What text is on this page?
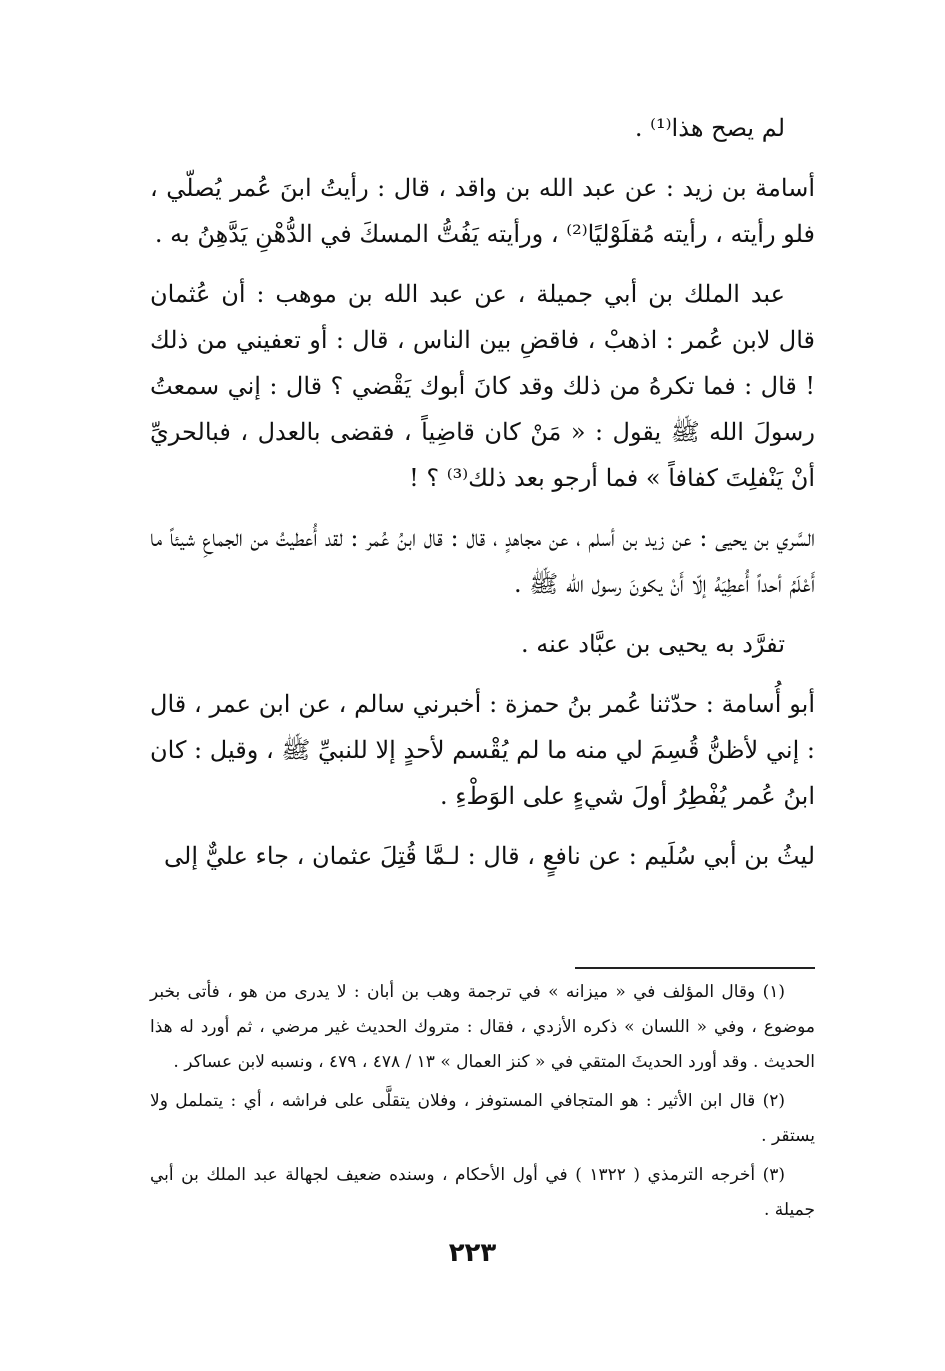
لم يصح هذا⁽¹⁾ .

أسامة بن زيد : عن عبد الله بن واقد ، قال : رأيتُ ابنَ عُمر يُصلّي ، فلو رأيته ، رأيته مُقلَوْليًا⁽²⁾ ، ورأيته يَفُتُّ المسكَ في الدُّهْنِ يَدَّهِنُ به .

عبد الملك بن أبي جميلة ، عن عبد الله بن موهب : أن عُثمان قال لابن عُمر : اذهبْ ، فاقضِ بين الناس ، قال : أو تعفيني من ذلك ! قال : فما تكرهُ من ذلك وقد كانَ أبوك يَقْضي ؟ قال : إني سمعتُ رسولَ الله ﷺ يقول : « مَنْ كان قاضِياً ، فقضى بالعدل ، فبالحريِّ أنْ يَنْفلِتَ كفافاً » فما أرجو بعد ذلك⁽³⁾ ؟ !

السَّري بن يحيى : عن زيد بن أسلم ، عن مجاهدٍ ، قال : قال ابنُ عُمر : لقد أُعطيتُ من الجماعِ شيئاً ما أَعْلَمُ أحداً أُعطِيَهُ إلّا أَنْ يكونَ رسول الله ﷺ .

تفرَّد به يحيى بن عبَّاد عنه .

أبو أُسامة : حدّثنا عُمر بنُ حمزة : أخبرني سالم ، عن ابن عمر ، قال : إني لأظنُّ قُسِمَ لي منه ما لم يُقْسم لأحدٍ إلا للنبيِّ ﷺ ، وقيل : كان ابنُ عُمر يُفْطِرُ أولَ شيءٍ على الوَطْءِ .

ليثُ بن أبي سُلَيم : عن نافعٍ ، قال : لـمَّا قُتِلَ عثمان ، جاء عليٌّ إلى

(١) وقال المؤلف في « ميزانه » في ترجمة وهب بن أبان : لا يدرى من هو ، فأتى بخبر موضوع ، وفي « اللسان » ذكره الأزدي ، فقال : متروك الحديث غير مرضي ، ثم أورد له هذا الحديث . وقد أورد الحديثَ المتقي في « كنز العمال » ١٣ / ٤٧٨ ، ٤٧٩ ، ونسبه لابن عساكر .

(٢) قال ابن الأثير : هو المتجافي المستوفز ، وفلان يتقلَّى على فراشه ، أي : يتململ ولا يستقر .

(٣) أخرجه الترمذي ( ١٣٢٢ ) في أول الأحكام ، وسنده ضعيف لجهالة عبد الملك بن أبي جميلة .

٢٢٣
